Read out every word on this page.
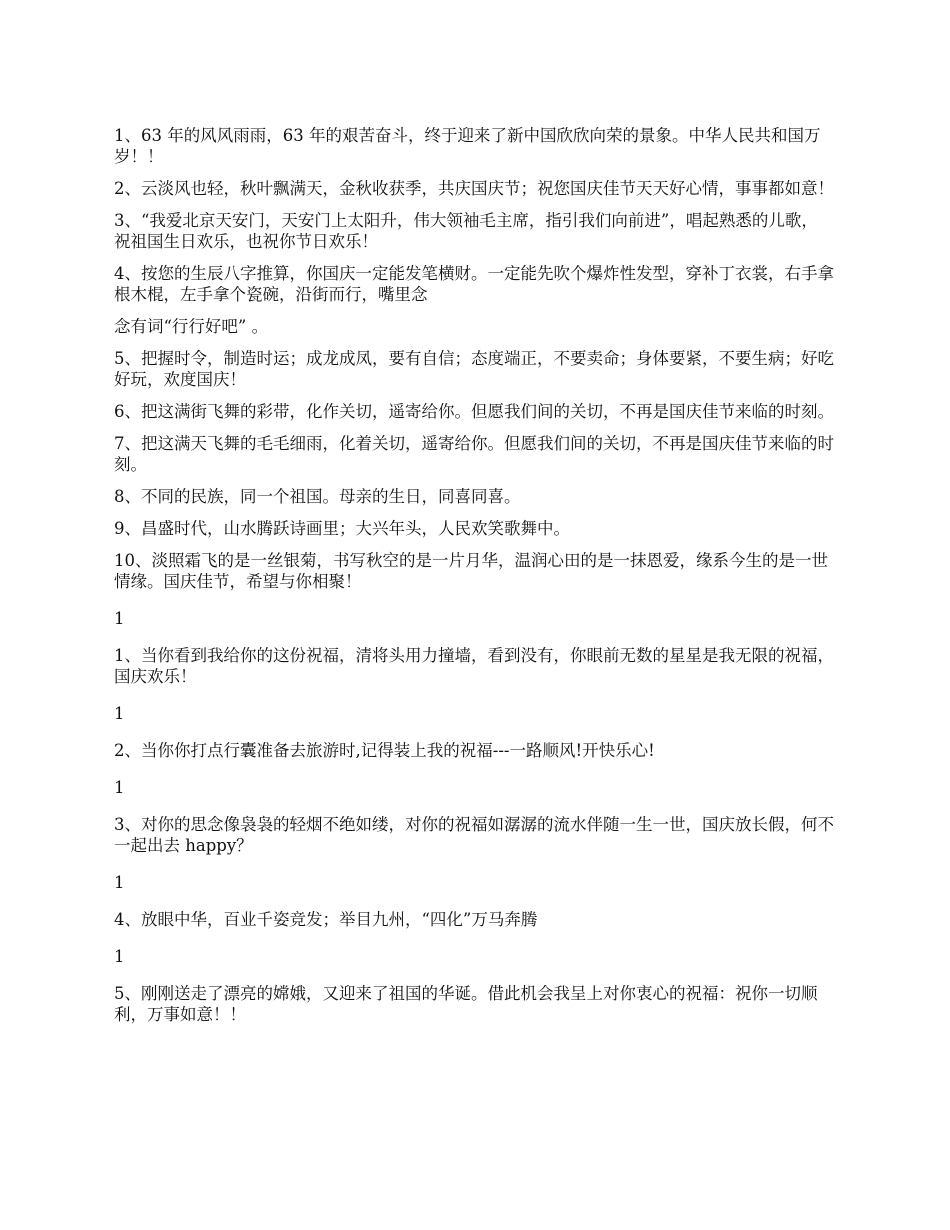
1、63 年的风风雨雨，63 年的艰苦奋斗，终于迎来了新中国欣欣向荣的景象。中华人民共和国万岁！！

2、云淡风也轻，秋叶飘满天，金秋收获季，共庆国庆节；祝您国庆佳节天天好心情，事事都如意！

3、“我爱北京天安门，天安门上太阳升，伟大领袖毛主席，指引我们向前进”，唱起熟悉的儿歌，祝祖国生日欢乐，也祝你节日欢乐！

4、按您的生辰八字推算，你国庆一定能发笔横财。一定能先吹个爆炸性发型，穿补丁衣裳，右手拿根木棍，左手拿个瓷碗，沿街而行，嘴里念

念有词“行行好吧” 。

5、把握时令，制造时运；成龙成凤，要有自信；态度端正，不要卖命；身体要紧，不要生病；好吃好玩，欢度国庆！

6、把这满街飞舞的彩带，化作关切，遥寄给你。但愿我们间的关切，不再是国庆佳节来临的时刻。

7、把这满天飞舞的毛毛细雨，化着关切，遥寄给你。但愿我们间的关切，不再是国庆佳节来临的时刻。

8、不同的民族，同一个祖国。母亲的生日，同喜同喜。

9、昌盛时代，山水腾跃诗画里；大兴年头，人民欢笑歌舞中。

10、淡照霜飞的是一丝银菊，书写秋空的是一片月华，温润心田的是一抹恩爱，缘系今生的是一世情缘。国庆佳节，希望与你相聚！

1

1、当你看到我给你的这份祝福，清将头用力撞墙，看到没有，你眼前无数的星星是我无限的祝福，国庆欢乐！

1

2、当你你打点行囊准备去旅游时,记得装上我的祝福---一路顺风!开快乐心!

1

3、对你的思念像袅袅的轻烟不绝如缕，对你的祝福如潺潺的流水伴随一生一世，国庆放长假，何不一起出去 happy？

1

4、放眼中华，百业千姿竞发；举目九州，“四化”万马奔腾

1

5、刚刚送走了漂亮的嫦娥，又迎来了祖国的华诞。借此机会我呈上对你衷心的祝福：祝你一切顺利，万事如意！！
